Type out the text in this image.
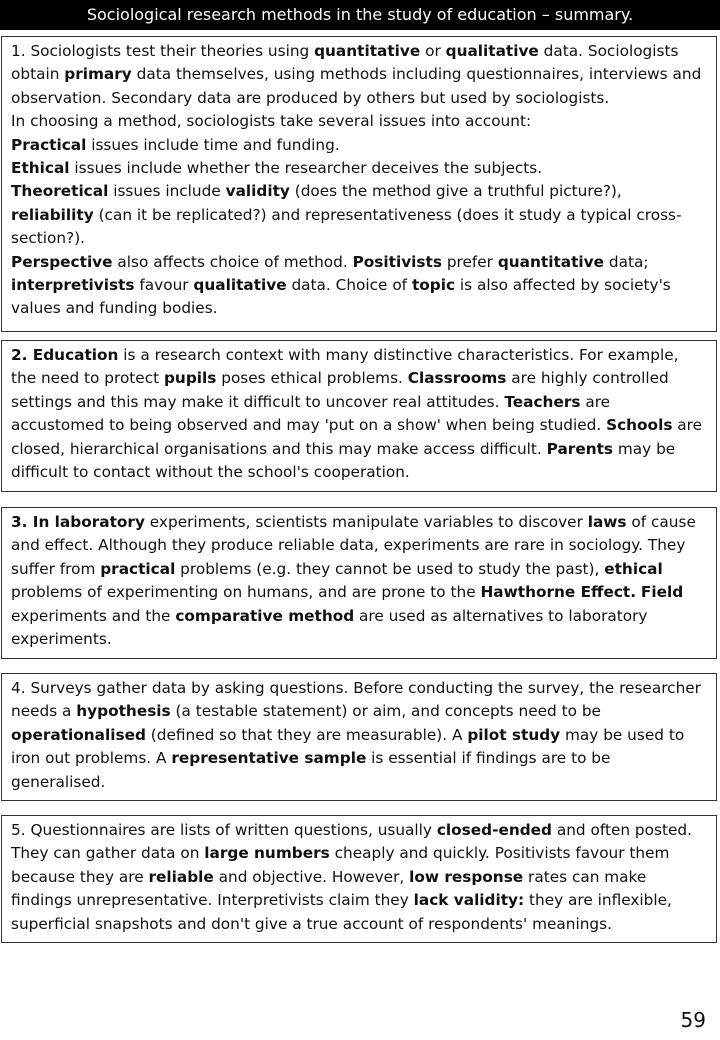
Sociological research methods in the study of education – summary.

1. Sociologists test their theories using quantitative or qualitative data. Sociologists obtain primary data themselves, using methods including questionnaires, interviews and observation. Secondary data are produced by others but used by sociologists.

In choosing a method, sociologists take several issues into account:

Practical issues include time and funding.

Ethical issues include whether the researcher deceives the subjects.

Theoretical issues include validity (does the method give a truthful picture?), reliability (can it be replicated?) and representativeness (does it study a typical cross-section?).

Perspective also affects choice of method. Positivists prefer quantitative data; interpretivists favour qualitative data. Choice of topic is also affected by society's values and funding bodies.

2. Education is a research context with many distinctive characteristics. For example, the need to protect pupils poses ethical problems. Classrooms are highly controlled settings and this may make it difficult to uncover real attitudes. Teachers are accustomed to being observed and may 'put on a show' when being studied. Schools are closed, hierarchical organisations and this may make access difficult. Parents may be difficult to contact without the school's cooperation.

3. In laboratory experiments, scientists manipulate variables to discover laws of cause and effect. Although they produce reliable data, experiments are rare in sociology. They suffer from practical problems (e.g. they cannot be used to study the past), ethical problems of experimenting on humans, and are prone to the Hawthorne Effect. Field experiments and the comparative method are used as alternatives to laboratory experiments.

4. Surveys gather data by asking questions. Before conducting the survey, the researcher needs a hypothesis (a testable statement) or aim, and concepts need to be operationalised (defined so that they are measurable). A pilot study may be used to iron out problems. A representative sample is essential if findings are to be generalised.

5. Questionnaires are lists of written questions, usually closed-ended and often posted. They can gather data on large numbers cheaply and quickly. Positivists favour them because they are reliable and objective. However, low response rates can make findings unrepresentative. Interpretivists claim they lack validity: they are inflexible, superficial snapshots and don't give a true account of respondents' meanings.

59
